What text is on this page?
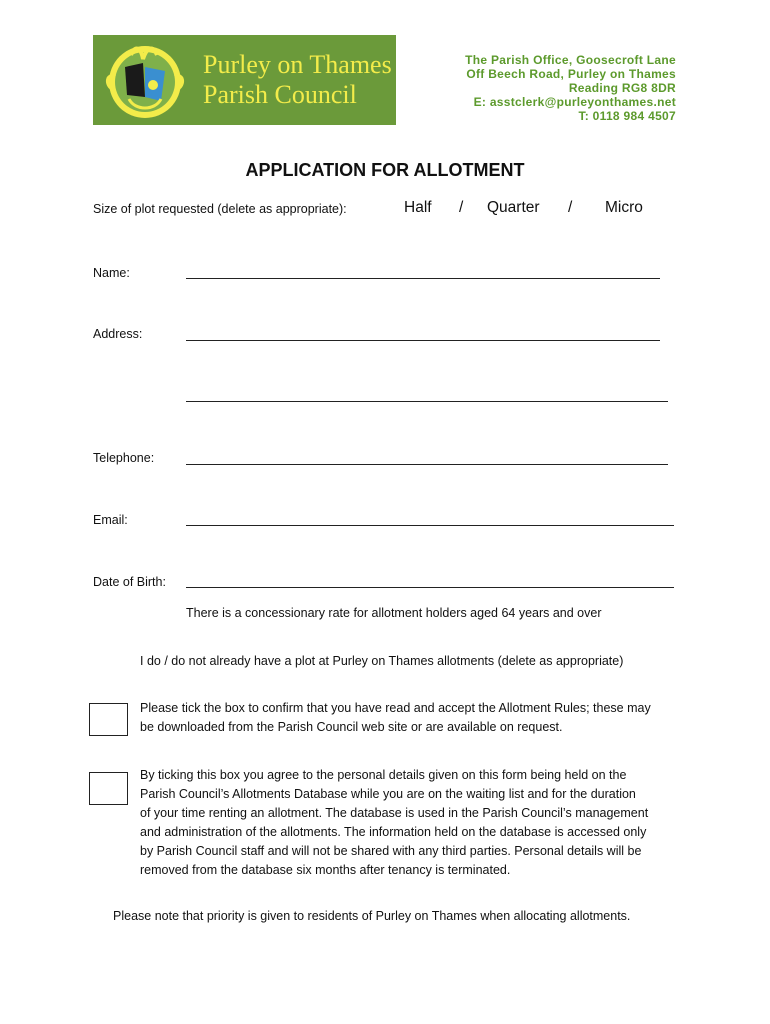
Purley on Thames
Parish Council
The Parish Office, Goosecroft Lane
Off Beech Road, Purley on Thames
Reading RG8 8DR
E: asstclerk@purleyonthames.net
T: 0118 984 4507
APPLICATION FOR ALLOTMENT
Size of plot requested (delete as appropriate):	Half / Quarter / Micro
Name:
Address:
Telephone:
Email:
Date of Birth:
There is a concessionary rate for allotment holders aged 64 years and over
I do / do not already have a plot at Purley on Thames allotments (delete as appropriate)
Please tick the box to confirm that you have read and accept the Allotment Rules; these may
be downloaded from the Parish Council web site or are available on request.
By ticking this box you agree to the personal details given on this form being held on the
Parish Council’s Allotments Database while you are on the waiting list and for the duration
of your time renting an allotment. The database is used in the Parish Council’s management
and administration of the allotments. The information held on the database is accessed only
by Parish Council staff and will not be shared with any third parties. Personal details will be
removed from the database six months after tenancy is terminated.
Please note that priority is given to residents of Purley on Thames when allocating allotments.
